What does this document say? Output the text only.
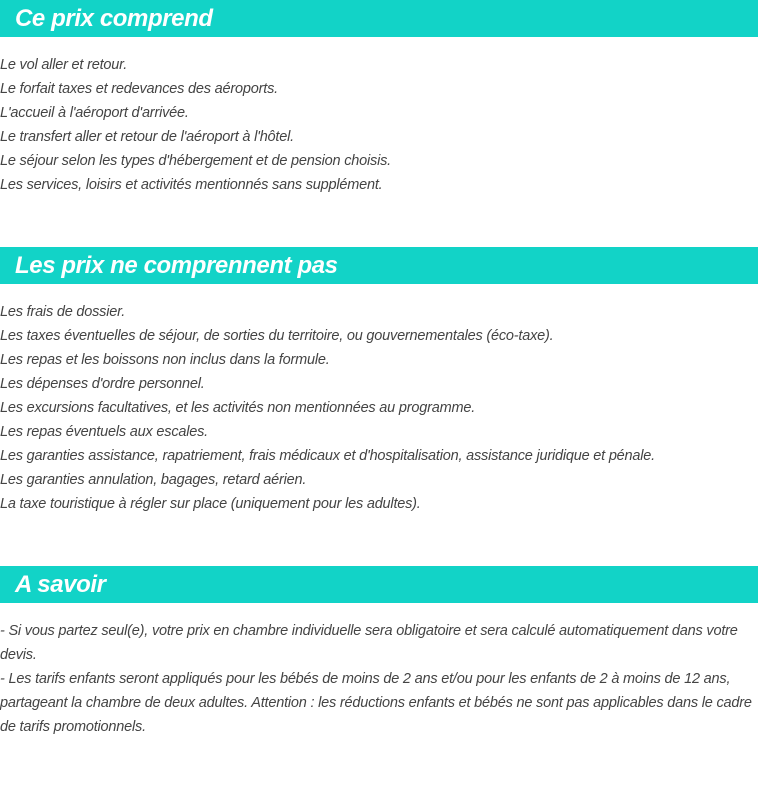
Ce prix comprend
Le vol aller et retour.
Le forfait taxes et redevances des aéroports.
L'accueil à l'aéroport d'arrivée.
Le transfert aller et retour de l'aéroport à l'hôtel.
Le séjour selon les types d'hébergement et de pension choisis.
Les services, loisirs et activités mentionnés sans supplément.
Les prix ne comprennent pas
Les frais de dossier.
Les taxes éventuelles de séjour, de sorties du territoire, ou gouvernementales (éco-taxe).
Les repas et les boissons non inclus dans la formule.
Les dépenses d'ordre personnel.
Les excursions facultatives, et les activités non mentionnées au programme.
Les repas éventuels aux escales.
Les garanties assistance, rapatriement, frais médicaux et d'hospitalisation, assistance juridique et pénale.
Les garanties annulation, bagages, retard aérien.
La taxe touristique à régler sur place (uniquement pour les adultes).
A savoir

- Si vous partez seul(e), votre prix en chambre individuelle sera obligatoire et sera calculé automatiquement dans votre devis.

- Les tarifs enfants seront appliqués pour les bébés de moins de 2 ans et/ou pour les enfants de 2 à moins de 12 ans, partageant la chambre de deux adultes. Attention : les réductions enfants et bébés ne sont pas applicables dans le cadre de tarifs promotionnels.
